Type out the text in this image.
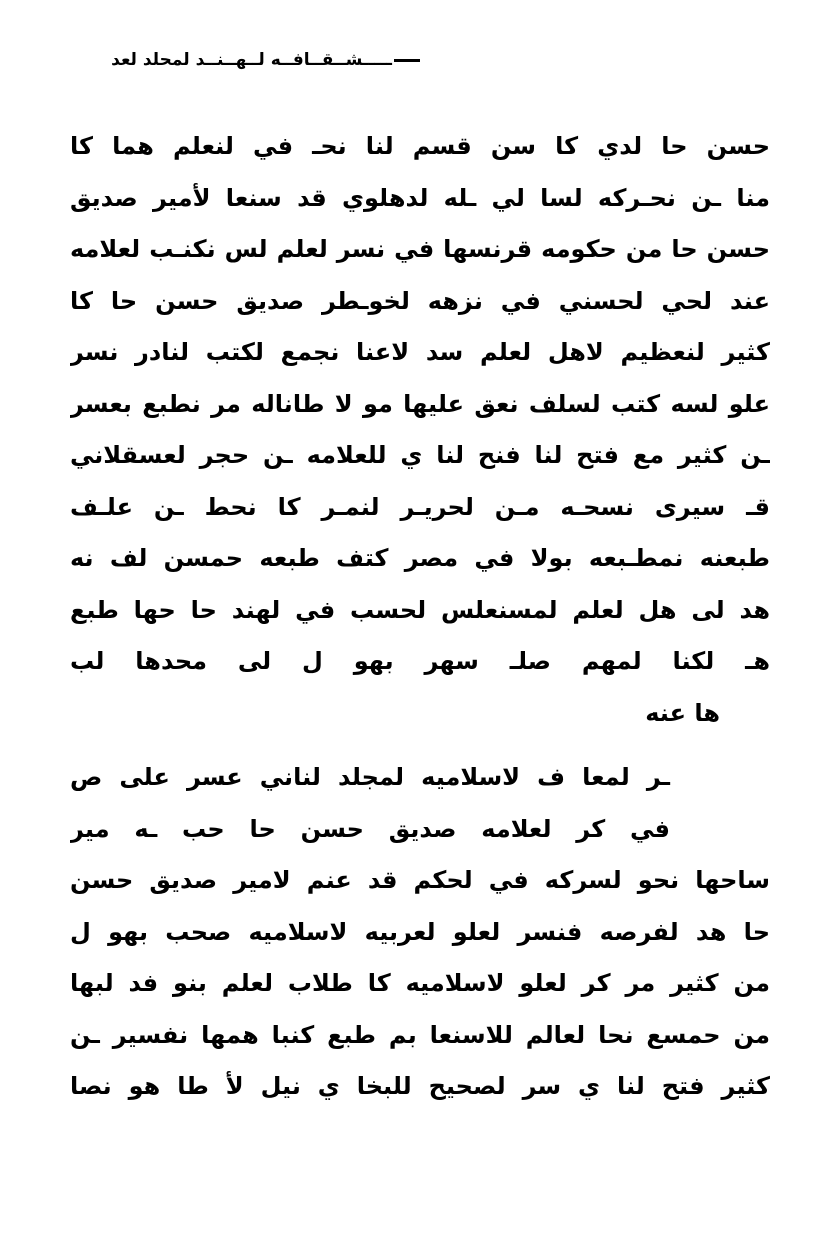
ـــــشــقــافــه لــهــنــد لمحلد لعد
حسن حا لدي كا سن قسم لنا نحـ في لنعلم هما كا
منا ـن نحـركه لسا لي ـله لدهلوي قد سنعا لأمير صديق
حسن حا من حكومه قرنسها في نسر لعلم لس نكنـب لعلامه
عند لحي لحسني في نزهه لخوـطر صديق حسن حا كا
كثير لنعظيم لاهل لعلم سد لاعنا نجمع لكتب لنادر نسر
علو لسه كتب لسلف نعق عليها مو لا طاناله مر نطبع بعسر
ـن كثير مع فتح لنا فنح لنا ي للعلامه ـن حجر لعسقلاني
قـ سيرى نسحـه مـن لحريـر لنمـر كا نحط ـن علـف
طبعنه نمطـبعه بولا في مصر كتف طبعه حمسن لف نه
هد لى هل لعلم لمسنعلس لحسب في لهند حا حها طبع
هـ لكنا لمهم صلـ سهر بهو ل لى محدها لب
ها عنه
ـر لمعا ف لاسلاميه لمجلد لناني عسر على ص
في كر لعلامه صديق حسن حا حب ـه مير
ساحها نحو لسركه في لحكم قد عنم لامير صديق حسن
حا هد لفرصه فنسر لعلو لعربيه لاسلاميه صحب بهو ل
من كثير مر كر لعلو لاسلاميه كا طلاب لعلم بنو فد لبها
من حمسع نحا لعالم للاسنعا بم طبع كنبا همها نفسير ـن
كثير فتح لنا ي سر لصحيح للبخا ي نيل لأ طا هو نصا
